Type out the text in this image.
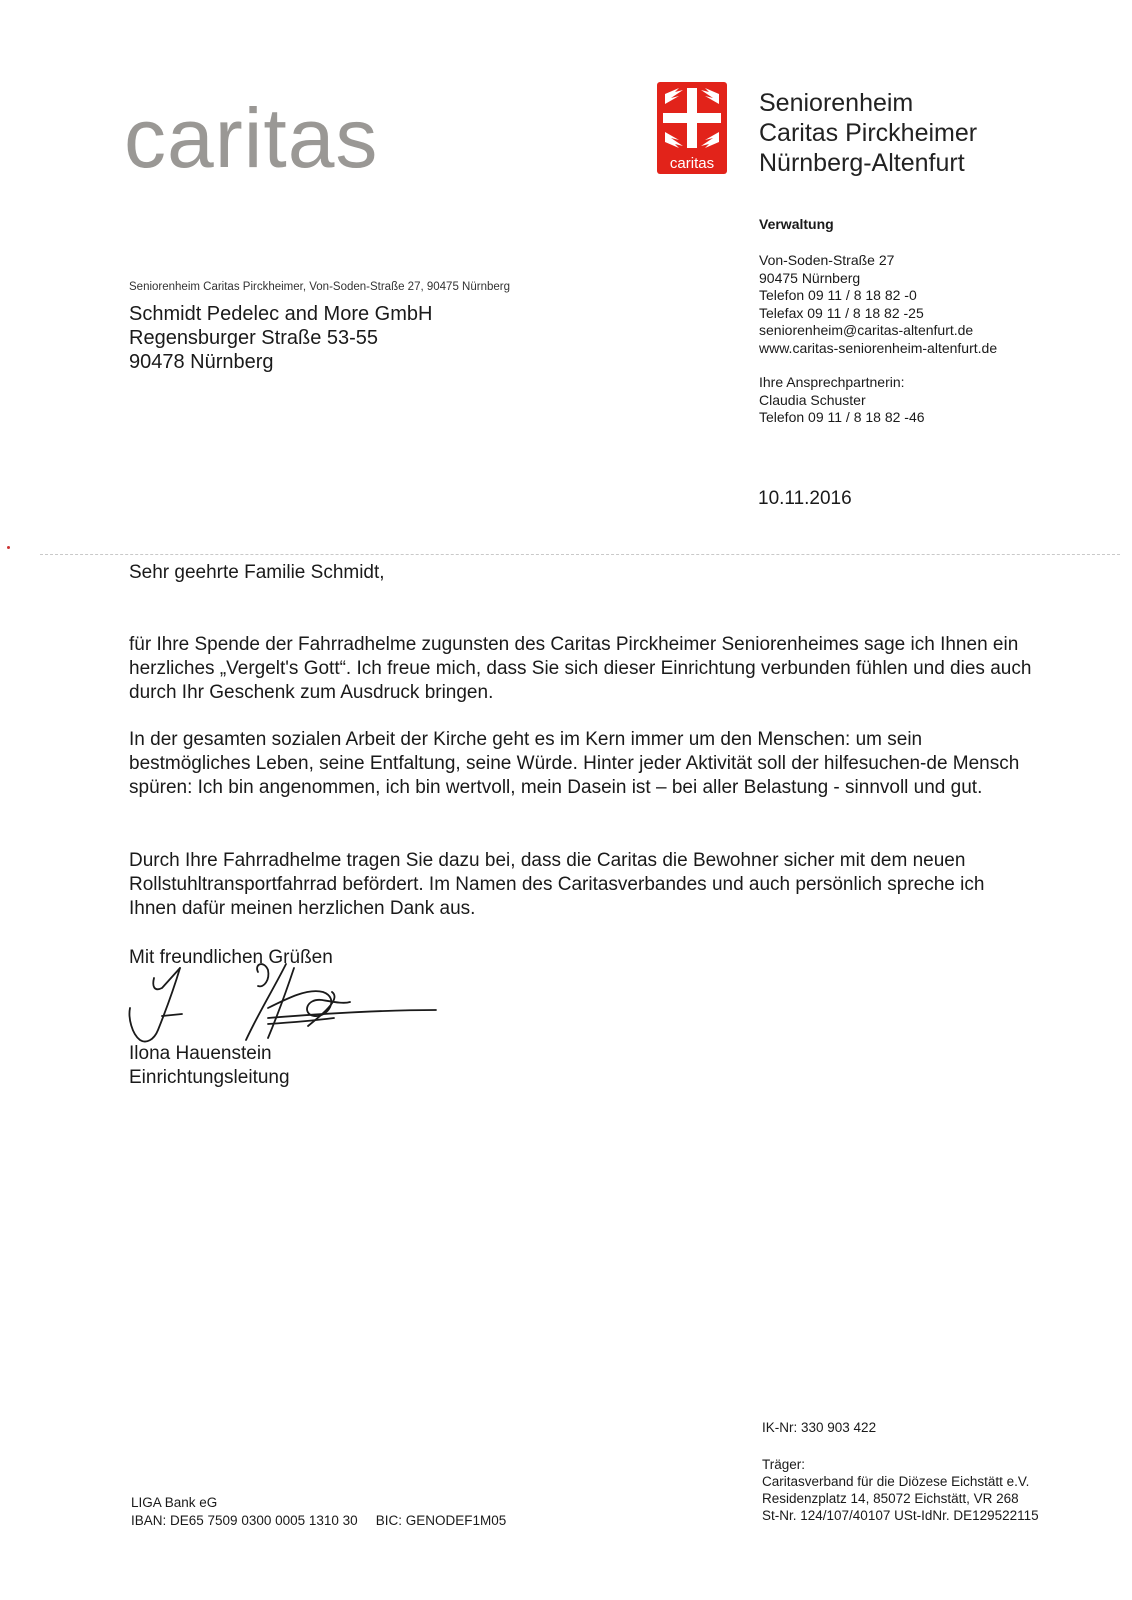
caritas	caritas
Seniorenheim
Caritas Pirckheimer
Nürnberg-Altenfurt
Verwaltung
Von-Soden-Straße 27
90475 Nürnberg
Telefon 09 11 / 8 18 82 -0
Telefax 09 11 / 8 18 82 -25
seniorenheim@caritas-altenfurt.de
www.caritas-seniorenheim-altenfurt.de
Ihre Ansprechpartnerin:
Claudia Schuster
Telefon 09 11 / 8 18 82 -46
Seniorenheim Caritas Pirckheimer, Von-Soden-Straße 27, 90475 Nürnberg
Schmidt Pedelec and More GmbH
Regensburger Straße 53-55
90478 Nürnberg
10.11.2016
Sehr geehrte Familie Schmidt,
für Ihre Spende der Fahrradhelme zugunsten des Caritas Pirckheimer Seniorenheimes sage ich Ihnen ein herzliches „Vergelt's Gott“. Ich freue mich, dass Sie sich dieser Einrichtung verbunden fühlen und dies auch durch Ihr Geschenk zum Ausdruck bringen.
In der gesamten sozialen Arbeit der Kirche geht es im Kern immer um den Menschen: um sein bestmögliches Leben, seine Entfaltung, seine Würde. Hinter jeder Aktivität soll der hilfesuchen-de Mensch spüren: Ich bin angenommen, ich bin wertvoll, mein Dasein ist – bei aller Belastung - sinnvoll und gut.
Durch Ihre Fahrradhelme tragen Sie dazu bei, dass die Caritas die Bewohner sicher mit dem neuen Rollstuhltransportfahrrad befördert. Im Namen des Caritasverbandes und auch persönlich spreche ich Ihnen dafür meinen herzlichen Dank aus.
Mit freundlichen Grüßen
Ilona Hauenstein
Einrichtungsleitung
IK-Nr: 330 903 422
Träger:
Caritasverband für die Diözese Eichstätt e.V.
Residenzplatz 14, 85072 Eichstätt, VR 268
St-Nr. 124/107/40107 USt-IdNr. DE129522115
LIGA Bank eG
IBAN: DE65 7509 0300 0005 1310 30 BIC: GENODEF1M05
